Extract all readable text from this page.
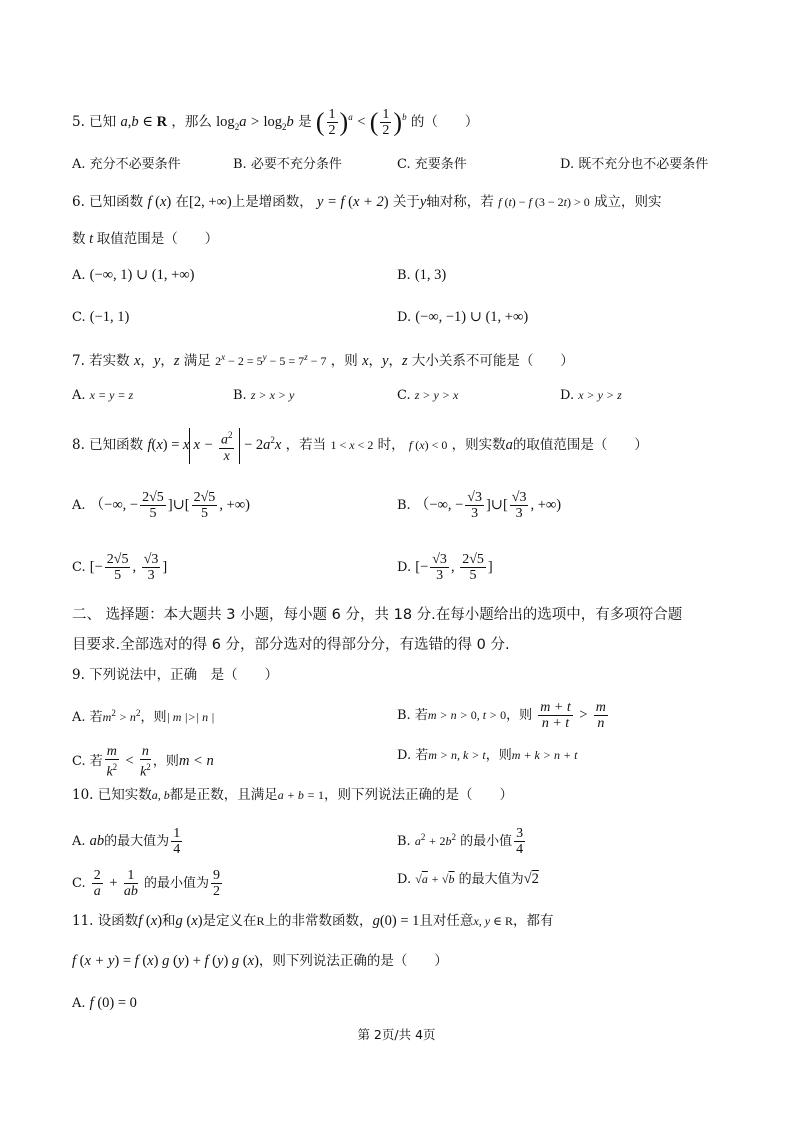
5. 已知 a,b ∈ R ，那么 $\log_2a > \log_2b$ 是 ( $\frac{1}{2} )^a$ < ( $\frac{1}{2} )^b$ 的（　　）
A. 充分不必要条件	B. 必要不充分条件	C. 充要条件	D. 既不充分也不必要条件
6. 已知函数 f (x) 在[2, +∞)上是增函数， y = f (x + 2) 关于y轴对称，若 f (t) − f (3 − 2t) > 0 成立，则实
数 t 取值范围是（　　）
A. (−∞, 1) ∪ (1, +∞)	B. (1, 3)
C. (−1, 1)	D. (−∞, −1) ∪ (1, +∞)
7. 若实数 x，y，z 满足 $2^x - 2 = 5^y - 5 = 7^z - 7$ ，则 x，y，z 大小关系不可能是（　　）
A. x = y = z	B. z > x > y	C. z > y > x	D. x > y > z
8. 已知函数 f(x) = x $x - \frac{a^2}{x} - 2a^2x$ ，若当 1 < x < 2 时， f (x) < 0 ，则实数a的取值范围是（　　）
A. （−∞, − $\frac{2√5}{5}$ ]∪[ $\frac{2√5}{5}$ , +∞)	B. （−∞, − $\frac{√3}{3}$ ]∪[ $\frac{√3}{3}$ , +∞)
C. [− $\frac{2√5}{5}$ , $\frac{√3}{3}$ ]	D. [− $\frac{√3}{3}$ , $\frac{2√5}{5}$ ]
二、 选择题：本大题共 3 小题，每小题 6 分，共 18 分.在每小题给出的选项中，有多项符合题
目要求.全部选对的得 6 分，部分选对的得部分分，有选错的得 0 分.
9. 下列说法中，正确　是（　　）
A. 若$m^2 > n^2$，则| m |>| n |	B. 若m > n > 0, t > 0，则 $\frac{m + t}{n + t} > \frac{m}{n}$
C. 若 $\frac{m}{k^2} < \frac{n}{k^2}$ ，则m < n	D. 若m > n, k > t，则m + k > n + t
10. 已知实数a, b都是正数，且满足a + b = 1，则下列说法正确的是（　　）
A. ab的最大值为 $\frac{1}{4}$	B. $a^2 + 2b^2$ 的最小值 $\frac{3}{4}$
C. $\frac{2}{a} + \frac{1}{ab}$ 的最小值为 $\frac{9}{2}$	D. √a + √b 的最大值为√2
11. 设函数f (x)和g (x)是定义在R上的非常数函数，g(0) = 1且对任意x, y ∈ R，都有
f (x + y) = f (x) g (y) + f (y) g (x)，则下列说法正确的是（　　）
A. f (0) = 0
第 2页/共 4页
